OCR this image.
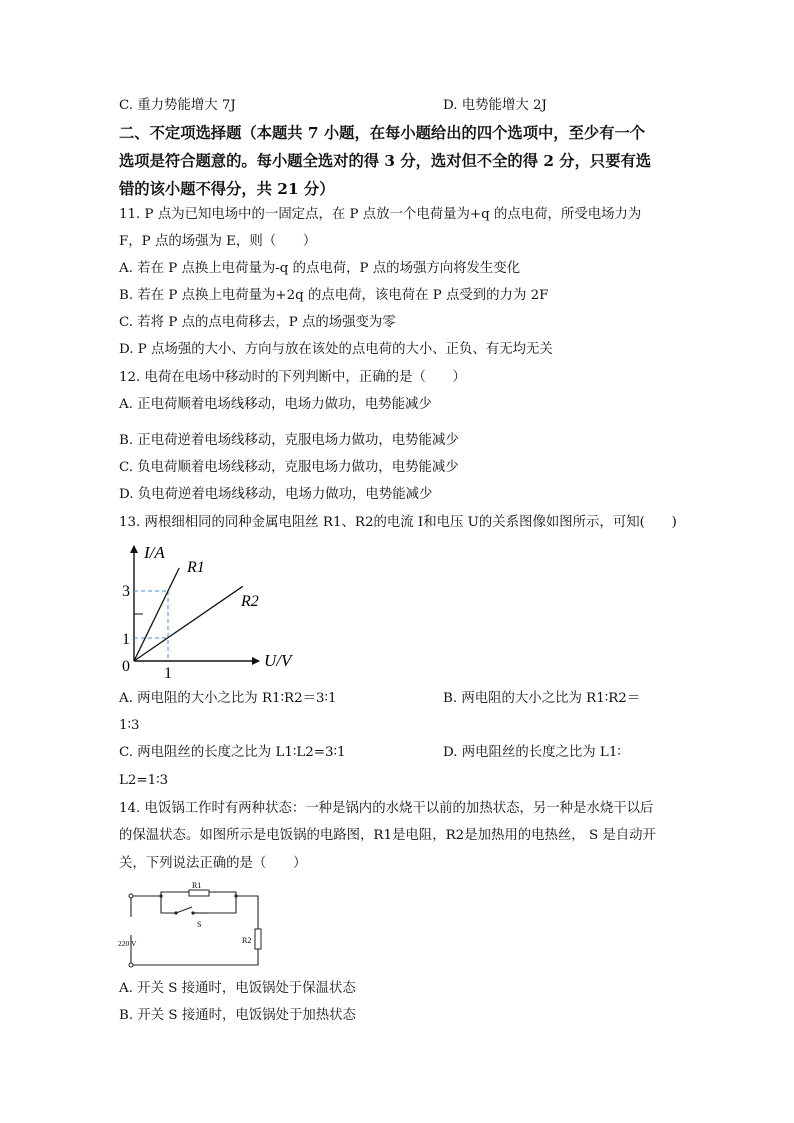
C. 重力势能增大 7J	D. 电势能增大 2J
二、不定项选择题（本题共 7 小题，在每小题给出的四个选项中，至少有一个
选项是符合题意的。每小题全选对的得 3 分，选对但不全的得 2 分，只要有选
错的该小题不得分，共 21 分）
11. P 点为已知电场中的一固定点，在 P 点放一个电荷量为+q 的点电荷，所受电场力为
F，P 点的场强为 E，则（　　）
A. 若在 P 点换上电荷量为-q 的点电荷，P 点的场强方向将发生变化
B. 若在 P 点换上电荷量为+2q 的点电荷，该电荷在 P 点受到的力为 2F
C. 若将 P 点的点电荷移去，P 点的场强变为零
D. P 点场强的大小、方向与放在该处的点电荷的大小、正负、有无均无关
12. 电荷在电场中移动时的下列判断中，正确的是（　　）
A. 正电荷顺着电场线移动，电场力做功，电势能减少
B. 正电荷逆着电场线移动，克服电场力做功，电势能减少
C. 负电荷顺着电场线移动，克服电场力做功，电势能减少
D. 负电荷逆着电场线移动，电场力做功，电势能减少
13. 两根细相同的同种金属电阻丝 R1、R2的电流 I和电压 U的关系图像如图所示，可知(　　)
I/A
U/V
R1
R2
3
1
0 1
A. 两电阻的大小之比为 R1∶R2＝3∶1	B. 两电阻的大小之比为 R1∶R2＝
1∶3
C. 两电阻丝的长度之比为 L1∶L2=3∶1	D. 两电阻丝的长度之比为 L1∶
L2=1∶3
14. 电饭锅工作时有两种状态：一种是锅内的水烧干以前的加热状态，另一种是水烧干以后
的保温状态。如图所示是电饭锅的电路图，R1是电阻，R2是加热用的电热丝， S 是自动开
关，下列说法正确的是（　　）
R1
S
R2
220 V
A. 开关 S 接通时，电饭锅处于保温状态
B. 开关 S 接通时，电饭锅处于加热状态
